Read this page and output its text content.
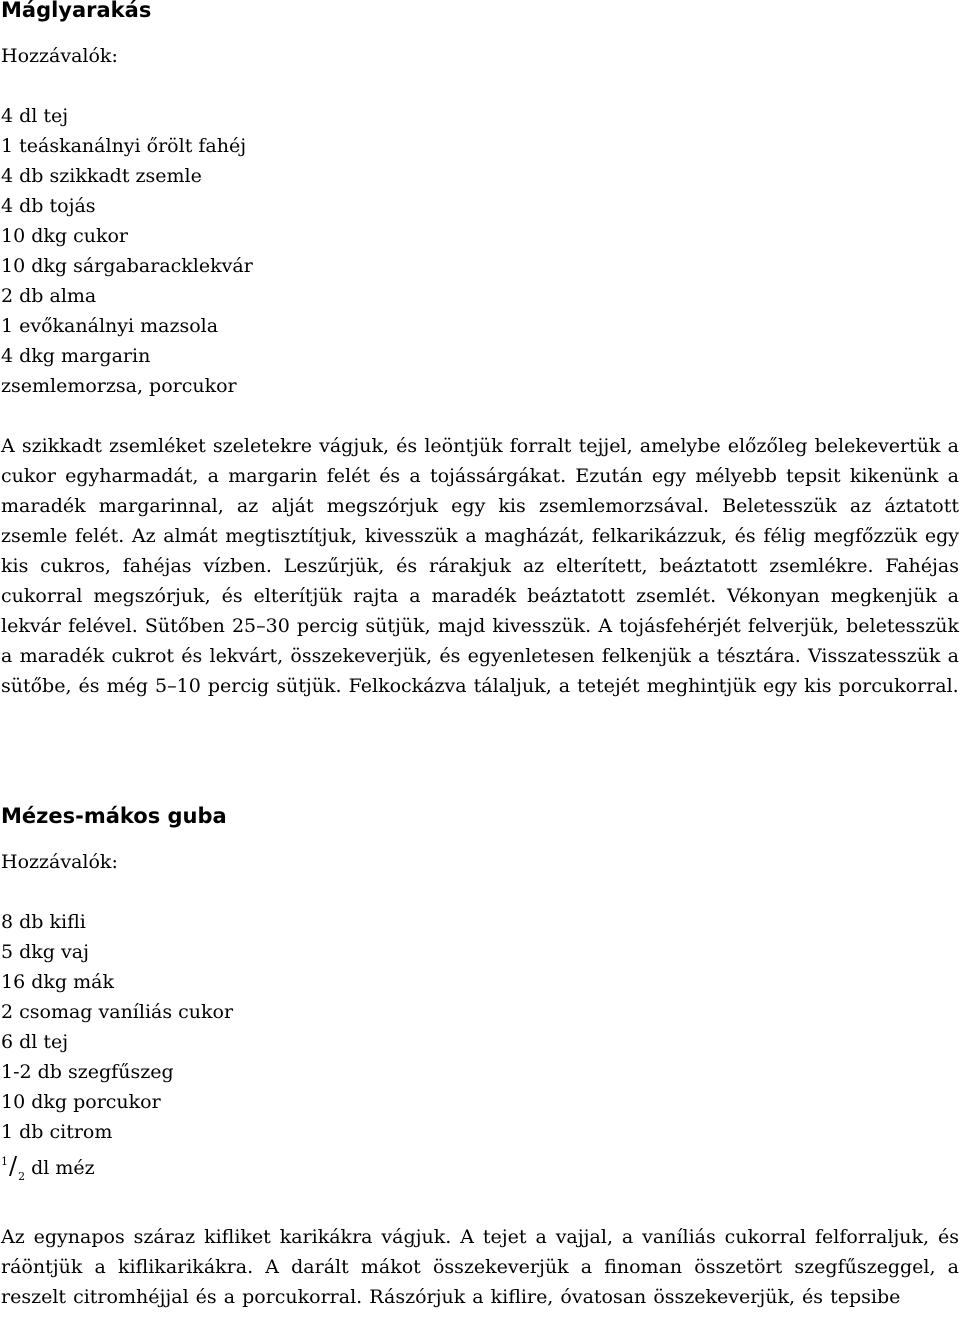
Máglyarakás

Hozzávalók:

4 dl tej
1 teáskanálnyi őrölt fahéj
4 db szikkadt zsemle
4 db tojás
10 dkg cukor
10 dkg sárgabaracklekvár
2 db alma
1 evőkanálnyi mazsola
4 dkg margarin
zsemlemorzsa, porcukor

A szikkadt zsemléket szeletekre vágjuk, és leöntjük forralt tejjel, amelybe előzőleg belekevertük a cukor egyharmadát, a margarin felét és a tojássárgákat. Ezután egy mélyebb tepsit kikenünk a maradék margarinnal, az alját megszórjuk egy kis zsemlemorzsával. Beletesszük az áztatott zsemle felét. Az almát megtisztítjuk, kivesszük a magházát, felkarikázzuk, és félig megfőzzük egy kis cukros, fahéjas vízben. Leszűrjük, és rárakjuk az elterített, beáztatott zsemlékre. Fahéjas cukorral megszórjuk, és elterítjük rajta a maradék beáztatott zsemlét. Vékonyan megkenjük a lekvár felével. Sütőben 25–30 percig sütjük, majd kivesszük. A tojásfehérjét felverjük, beletesszük a maradék cukrot és lekvárt, összekeverjük, és egyenletesen felkenjük a tésztára. Visszatesszük a sütőbe, és még 5–10 percig sütjük. Felkockázva tálaljuk, a tetejét meghintjük egy kis porcukorral.

Mézes-mákos guba

Hozzávalók:

8 db kifli
5 dkg vaj
16 dkg mák
2 csomag vaníliás cukor
6 dl tej
1-2 db szegfűszeg
10 dkg porcukor
1 db citrom
$^1/_2$ dl méz

Az egynapos száraz kifliket karikákra vágjuk. A tejet a vajjal, a vaníliás cukorral felforraljuk, és ráöntjük a kiflikarikákra. A darált mákot összekeverjük a finoman összetört szegfűszeggel, a reszelt citromhéjjal és a porcukorral. Rászórjuk a kiflire, óvatosan összekeverjük, és tepsibe
